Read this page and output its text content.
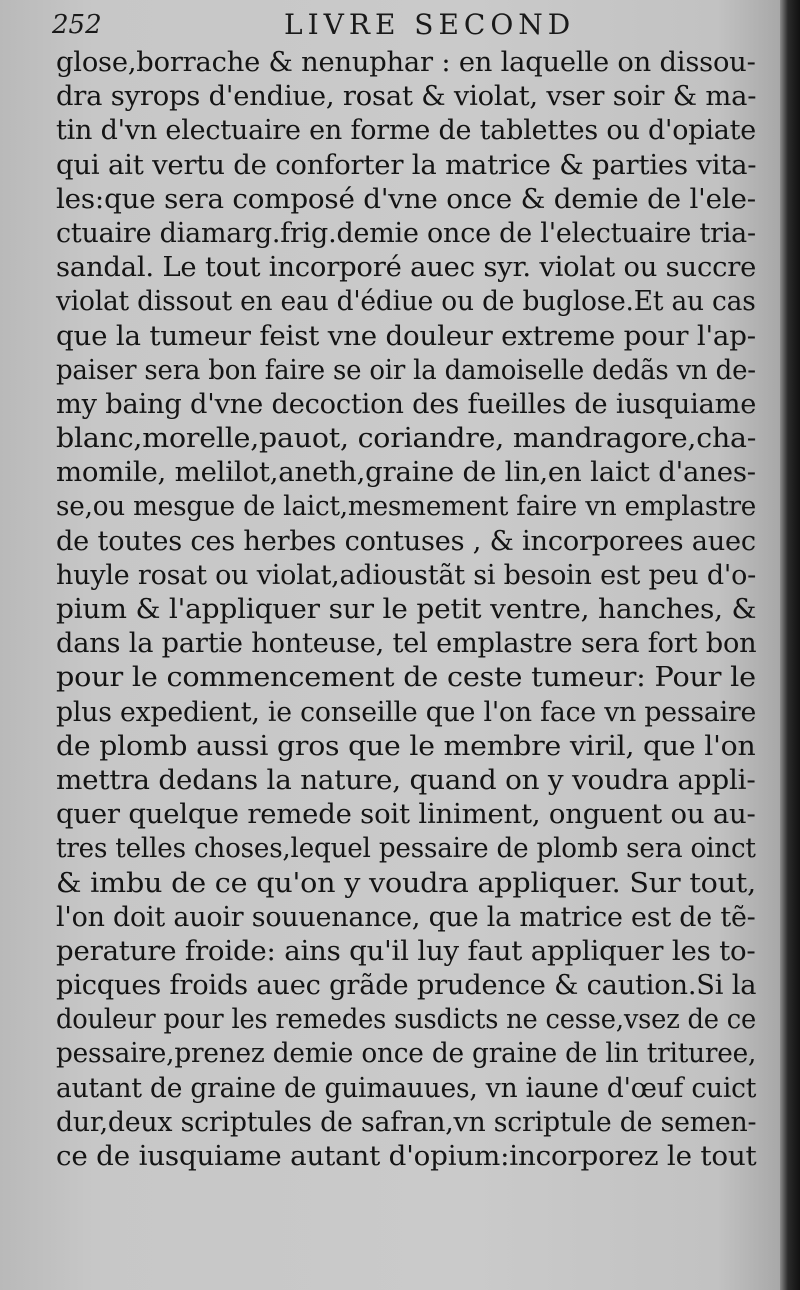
252	LIVRE SECOND
glose,borrache & nenuphar : en laquelle on dissou-
dra syrops d'endiue, rosat & violat, vser soir & ma-
tin d'vn electuaire en forme de tablettes ou d'opiate
qui ait vertu de conforter la matrice & parties vita-
les:que sera composé d'vne once & demie de l'ele-
ctuaire diamarg.frig.demie once de l'electuaire tria-
sandal. Le tout incorporé auec syr. violat ou succre
violat dissout en eau d'édiue ou de buglose.Et au cas
que la tumeur feist vne douleur extreme pour l'ap-
paiser sera bon faire se oir la damoiselle dedãs vn de-
my baing d'vne decoction des fueilles de iusquiame
blanc,morelle,pauot, coriandre, mandragore,cha-
momile, melilot,aneth,graine de lin,en laict d'anes-
se,ou mesgue de laict,mesmement faire vn emplastre
de toutes ces herbes contuses , & incorporees auec
huyle rosat ou violat,adioustãt si besoin est peu d'o-
pium & l'appliquer sur le petit ventre, hanches, &
dans la partie honteuse, tel emplastre sera fort bon
pour le commencement de ceste tumeur: Pour le
plus expedient, ie conseille que l'on face vn pessaire
de plomb aussi gros que le membre viril, que l'on
mettra dedans la nature, quand on y voudra appli-
quer quelque remede soit liniment, onguent ou au-
tres telles choses,lequel pessaire de plomb sera oinct
& imbu de ce qu'on y voudra appliquer. Sur tout,
l'on doit auoir souuenance, que la matrice est de tẽ-
perature froide: ains qu'il luy faut appliquer les to-
picques froids auec grãde prudence & caution.Si la
douleur pour les remedes susdicts ne cesse,vsez de ce
pessaire,prenez demie once de graine de lin trituree,
autant de graine de guimauues, vn iaune d'œuf cuict
dur,deux scriptules de safran,vn scriptule de semen-
ce de iusquiame autant d'opium:incorporez le tout
